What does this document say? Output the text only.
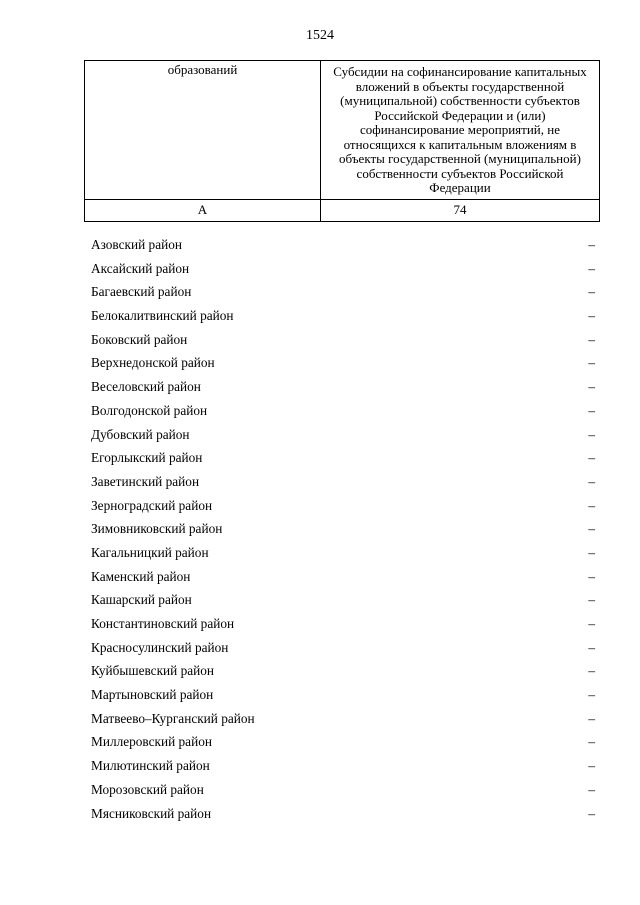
1524
образований	Субсидии на софинансирование капитальных вложений в объекты государственной (муниципальной) собственности субъектов Российской Федерации и (или) софинансирование мероприятий, не относящихся к капитальным вложениям в объекты государственной (муниципальной) собственности субъектов Российской Федерации
А	74
Азовский район	–
Аксайский район	–
Багаевский район	–
Белокалитвинский район	–
Боковский район	–
Верхнедонской район	–
Веселовский район	–
Волгодонской район	–
Дубовский район	–
Егорлыкский район	–
Заветинский район	–
Зерноградский район	–
Зимовниковский район	–
Кагальницкий район	–
Каменский район	–
Кашарский район	–
Константиновский район	–
Красносулинский район	–
Куйбышевский район	–
Мартыновский район	–
Матвеево–Курганский район	–
Миллеровский район	–
Милютинский район	–
Морозовский район	–
Мясниковский район	–
